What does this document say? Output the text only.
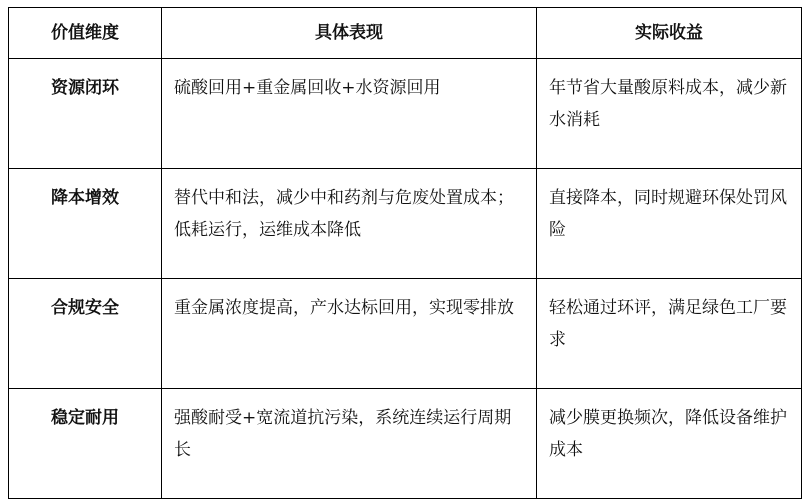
价值维度	具体表现	实际收益
资源闭环	硫酸回用+重金属回收+水资源回用	年节省大量酸原料成本，减少新水消耗
降本增效	替代中和法，减少中和药剂与危废处置成本；低耗运行，运维成本降低	直接降本，同时规避环保处罚风险
合规安全	重金属浓度提高，产水达标回用，实现零排放	轻松通过环评，满足绿色工厂要求
稳定耐用	强酸耐受+宽流道抗污染，系统连续运行周期长	减少膜更换频次，降低设备维护成本
